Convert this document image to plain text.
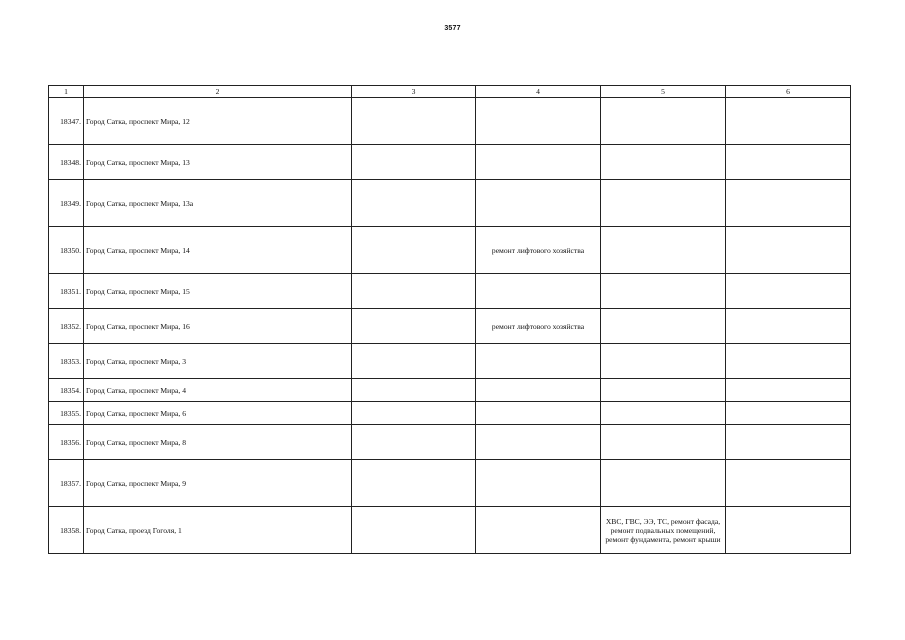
3577
1	2	3	4	5	6
18347.	Город Сатка, проспект Мира, 12				
18348.	Город Сатка, проспект Мира, 13				
18349.	Город Сатка, проспект Мира, 13а				
18350.	Город Сатка, проспект Мира, 14		ремонт лифтового хозяйства		
18351.	Город Сатка, проспект Мира, 15				
18352.	Город Сатка, проспект Мира, 16		ремонт лифтового хозяйства		
18353.	Город Сатка, проспект Мира, 3				
18354.	Город Сатка, проспект Мира, 4				
18355.	Город Сатка, проспект Мира, 6				
18356.	Город Сатка, проспект Мира, 8				
18357.	Город Сатка, проспект Мира, 9				
18358.	Город Сатка, проезд Гоголя, 1			ХВС, ГВС, ЭЭ, ТС, ремонт фасада, ремонт подвальных помещений, ремонт фундамента, ремонт крыши	
